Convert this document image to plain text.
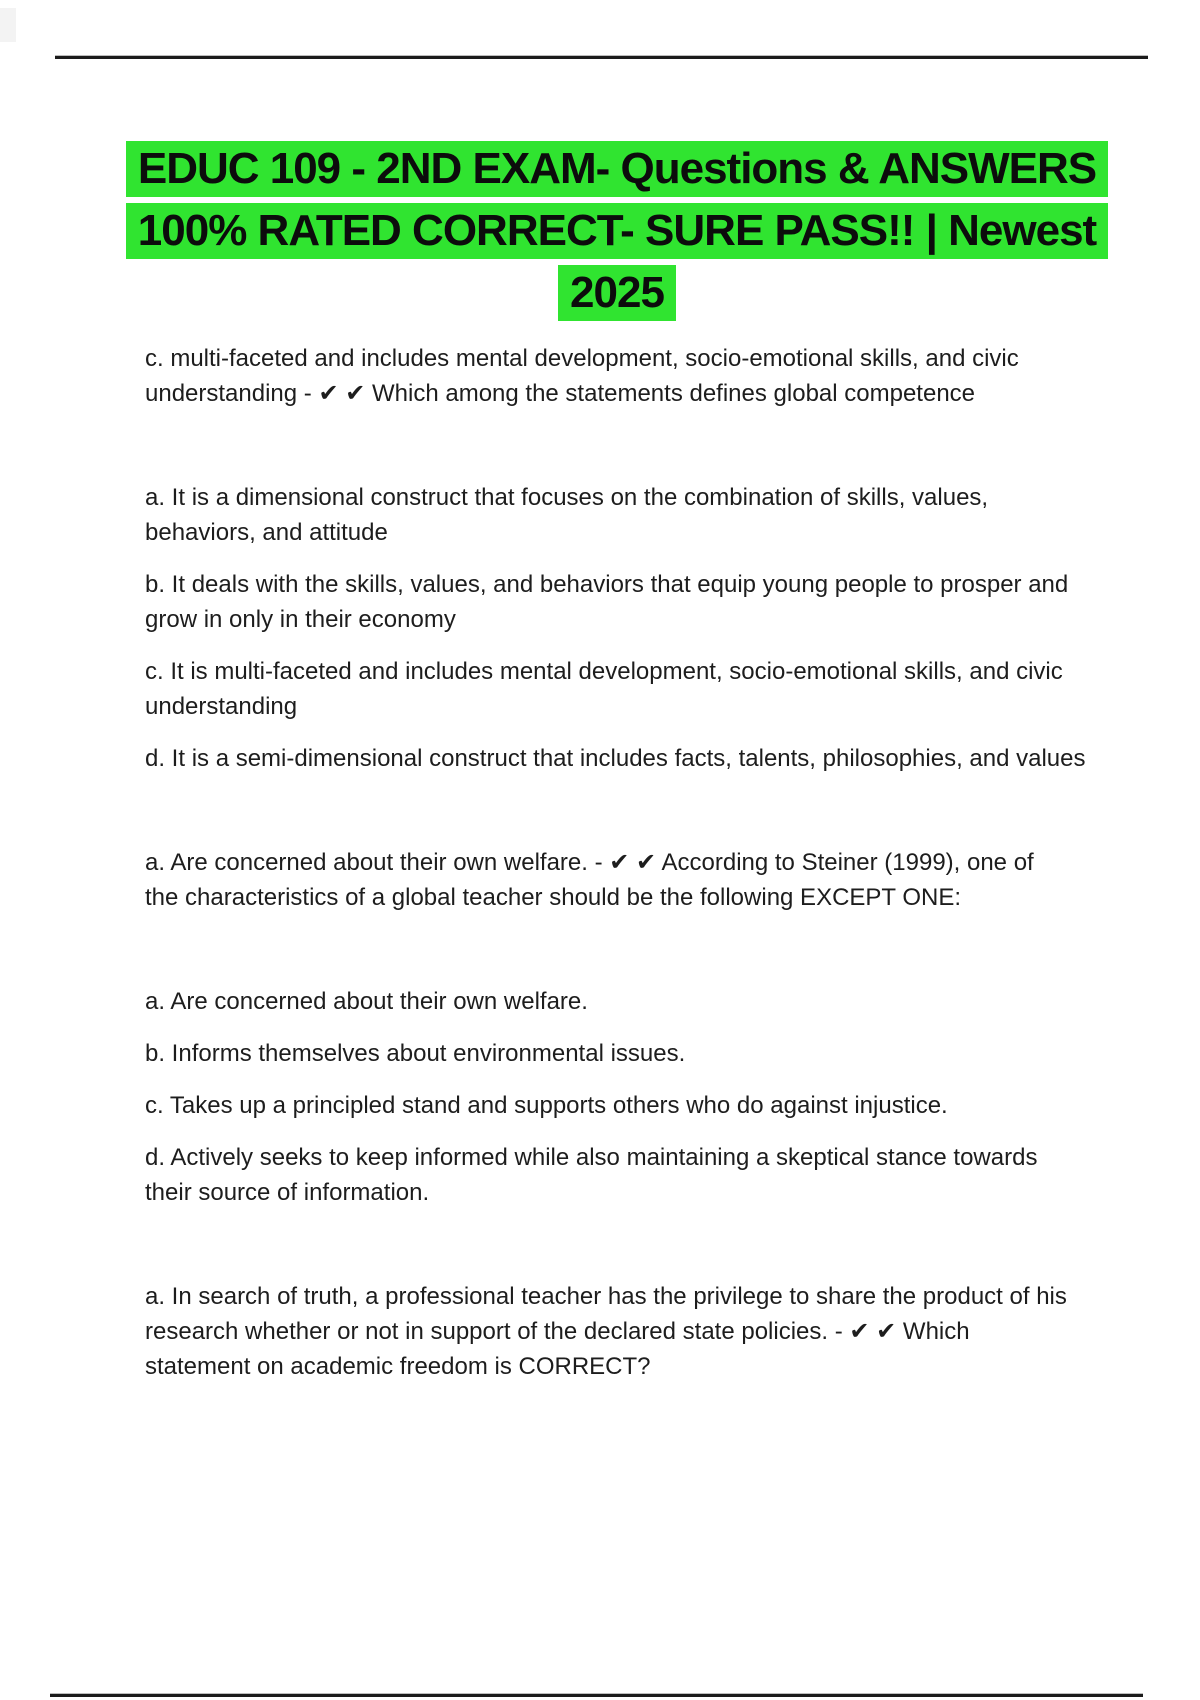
EDUC 109 - 2ND EXAM- Questions & ANSWERS
100% RATED CORRECT- SURE PASS!! | Newest
2025

c. multi-faceted and includes mental development, socio-emotional skills, and civic
understanding - ✔ ✔ Which among the statements defines global competence

a. It is a dimensional construct that focuses on the combination of skills, values,
behaviors, and attitude

b. It deals with the skills, values, and behaviors that equip young people to prosper and
grow in only in their economy

c. It is multi-faceted and includes mental development, socio-emotional skills, and civic
understanding

d. It is a semi-dimensional construct that includes facts, talents, philosophies, and values

a. Are concerned about their own welfare. - ✔ ✔ According to Steiner (1999), one of
the characteristics of a global teacher should be the following EXCEPT ONE:

a. Are concerned about their own welfare.

b. Informs themselves about environmental issues.

c. Takes up a principled stand and supports others who do against injustice.

d. Actively seeks to keep informed while also maintaining a skeptical stance towards
their source of information.

a. In search of truth, a professional teacher has the privilege to share the product of his
research whether or not in support of the declared state policies. - ✔ ✔ Which
statement on academic freedom is CORRECT?
